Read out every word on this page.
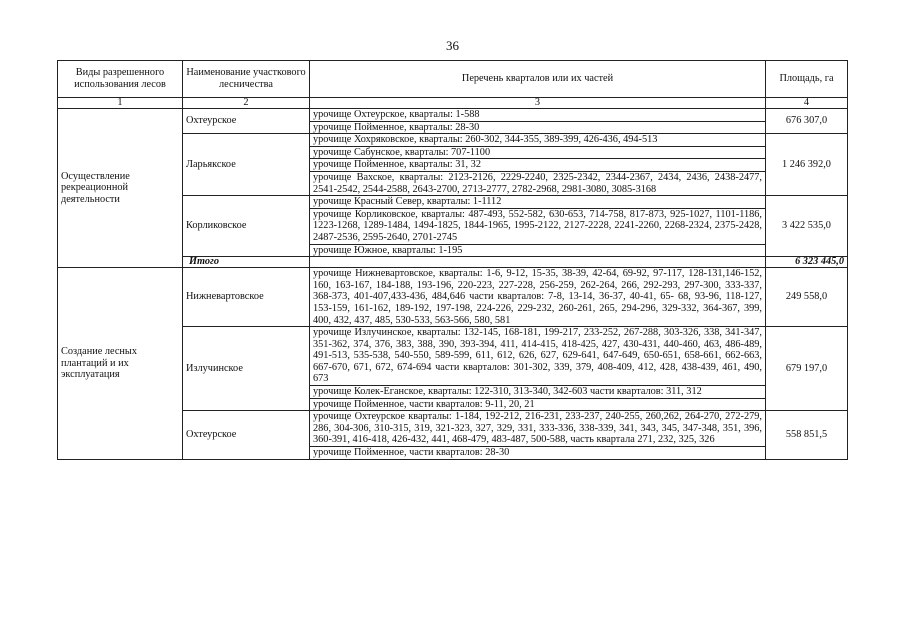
36
Виды разрешенного использования лесов	Наименование участкового лесничества	Перечень кварталов или их частей	Площадь, га
1	2	3	4
Осуществление рекреационной деятельности	Охтеурское	урочище Охтеурское, кварталы: 1-588	676 307,0
		урочище Пойменное, кварталы: 28-30	
	Ларьякское	урочище Хохряковское, кварталы: 260-302, 344-355, 389-399, 426-436, 494-513	1 246 392,0
		урочище Сабунское, кварталы: 707-1100	
		урочище Пойменное, кварталы: 31, 32	
		урочище Вахское, кварталы: 2123-2126, 2229-2240, 2325-2342, 2344-2367, 2434, 2436, 2438-2477, 2541-2542, 2544-2588, 2643-2700, 2713-2777, 2782-2968, 2981-3080, 3085-3168	
	Корликовское	урочище Красный Север, кварталы: 1-1112	3 422 535,0
		урочище Корликовское, кварталы: 487-493, 552-582, 630-653, 714-758, 817-873, 925-1027, 1101-1186, 1223-1268, 1289-1484, 1494-1825, 1844-1965, 1995-2122, 2127-2228, 2241-2260, 2268-2324, 2375-2428, 2487-2536, 2595-2640, 2701-2745	
		урочище Южное, кварталы: 1-195	
	Итого		6 323 445,0
Создание лесных плантаций и их эксплуатация	Нижневартовское	урочище Нижневартовское, кварталы: 1-6, 9-12, 15-35, 38-39, 42-64, 69-92, 97-117, 128-131,146-152, 160, 163-167, 184-188, 193-196, 220-223, 227-228, 256-259, 262-264, 266, 292-293, 297-300, 333-337, 368-373, 401-407,433-436, 484,646 части кварталов: 7-8, 13-14, 36-37, 40-41, 65- 68, 93-96, 118-127, 153-159, 161-162, 189-192, 197-198, 224-226, 229-232, 260-261, 265, 294-296, 329-332, 364-367, 399, 400, 432, 437, 485, 530-533, 563-566, 580, 581	249 558,0
	Излучинское	урочище Излучинское, кварталы: 132-145, 168-181, 199-217, 233-252, 267-288, 303-326, 338, 341-347, 351-362, 374, 376, 383, 388, 390, 393-394, 411, 414-415, 418-425, 427, 430-431, 440-460, 463, 486-489, 491-513, 535-538, 540-550, 589-599, 611, 612, 626, 627, 629-641, 647-649, 650-651, 658-661, 662-663, 667-670, 671, 672, 674-694 части кварталов: 301-302, 339, 379, 408-409, 412, 428, 438-439, 461, 490, 673	679 197,0
		урочище Колек-Еганское, кварталы: 122-310, 313-340, 342-603 части кварталов: 311, 312	
		урочище Пойменное, части кварталов: 9-11, 20, 21	
	Охтеурское	урочище Охтеурское кварталы: 1-184, 192-212, 216-231, 233-237, 240-255, 260,262, 264-270, 272-279, 286, 304-306, 310-315, 319, 321-323, 327, 329, 331, 333-336, 338-339, 341, 343, 345, 347-348, 351, 396, 360-391, 416-418, 426-432, 441, 468-479, 483-487, 500-588, часть квартала 271, 232, 325, 326	558 851,5
		урочище Пойменное, части кварталов: 28-30	
